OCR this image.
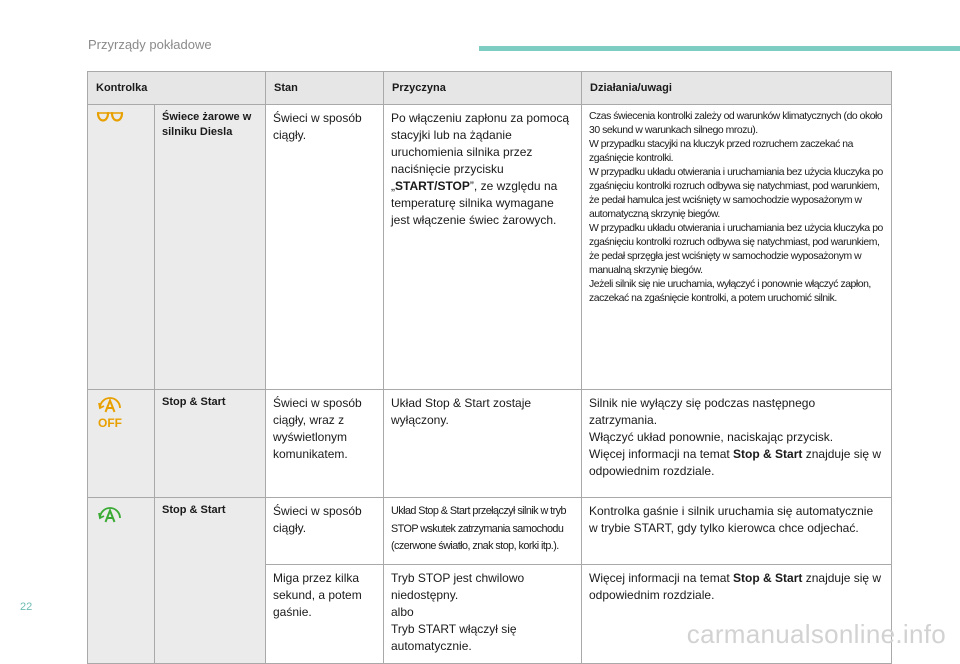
Przyrządy pokładowe
Kontrolka		Stan	Przyczyna	Działania/uwagi
	Świece żarowe w silniku Diesla	Świeci w sposób ciągły.	Po włączeniu zapłonu za pomocą stacyjki lub na żądanie uruchomienia silnika przez naciśnięcie przycisku „START/STOP”, ze względu na temperaturę silnika wymagane jest włączenie świec żarowych.	Czas świecenia kontrolki zależy od warunków klimatycznych (do około 30 sekund w warunkach silnego mrozu).
W przypadku stacyjki na kluczyk przed rozruchem zaczekać na zgaśnięcie kontrolki.
W przypadku układu otwierania i uruchamiania bez użycia kluczyka po zgaśnięciu kontrolki rozruch odbywa się natychmiast, pod warunkiem, że pedał hamulca jest wciśnięty w samochodzie wyposażonym w automatyczną skrzynię biegów.
W przypadku układu otwierania i uruchamiania bez użycia kluczyka po zgaśnięciu kontrolki rozruch odbywa się natychmiast, pod warunkiem, że pedał sprzęgła jest wciśnięty w samochodzie wyposażonym w manualną skrzynię biegów.
Jeżeli silnik się nie uruchamia, wyłączyć i ponownie włączyć zapłon, zaczekać na zgaśnięcie kontrolki, a potem uruchomić silnik.

OFF	Stop & Start	Świeci w sposób ciągły, wraz z wyświetlonym komunikatem.	Układ Stop & Start zostaje wyłączony.	Silnik nie wyłączy się podczas następnego zatrzymania.
Włączyć układ ponownie, naciskając przycisk.
Więcej informacji na temat Stop & Start znajduje się w odpowiednim rozdziale.

	Stop & Start	Świeci w sposób ciągły.	Układ Stop & Start przełączył silnik w tryb STOP wskutek zatrzymania samochodu (czerwone światło, znak stop, korki itp.).	Kontrolka gaśnie i silnik uruchamia się automatycznie w trybie START, gdy tylko kierowca chce odjechać.
		Miga przez kilka sekund, a potem gaśnie.	Tryb STOP jest chwilowo niedostępny.
albo
Tryb START włączył się automatycznie.	Więcej informacji na temat Stop & Start znajduje się w odpowiednim rozdziale.
22
carmanualsonline.info
